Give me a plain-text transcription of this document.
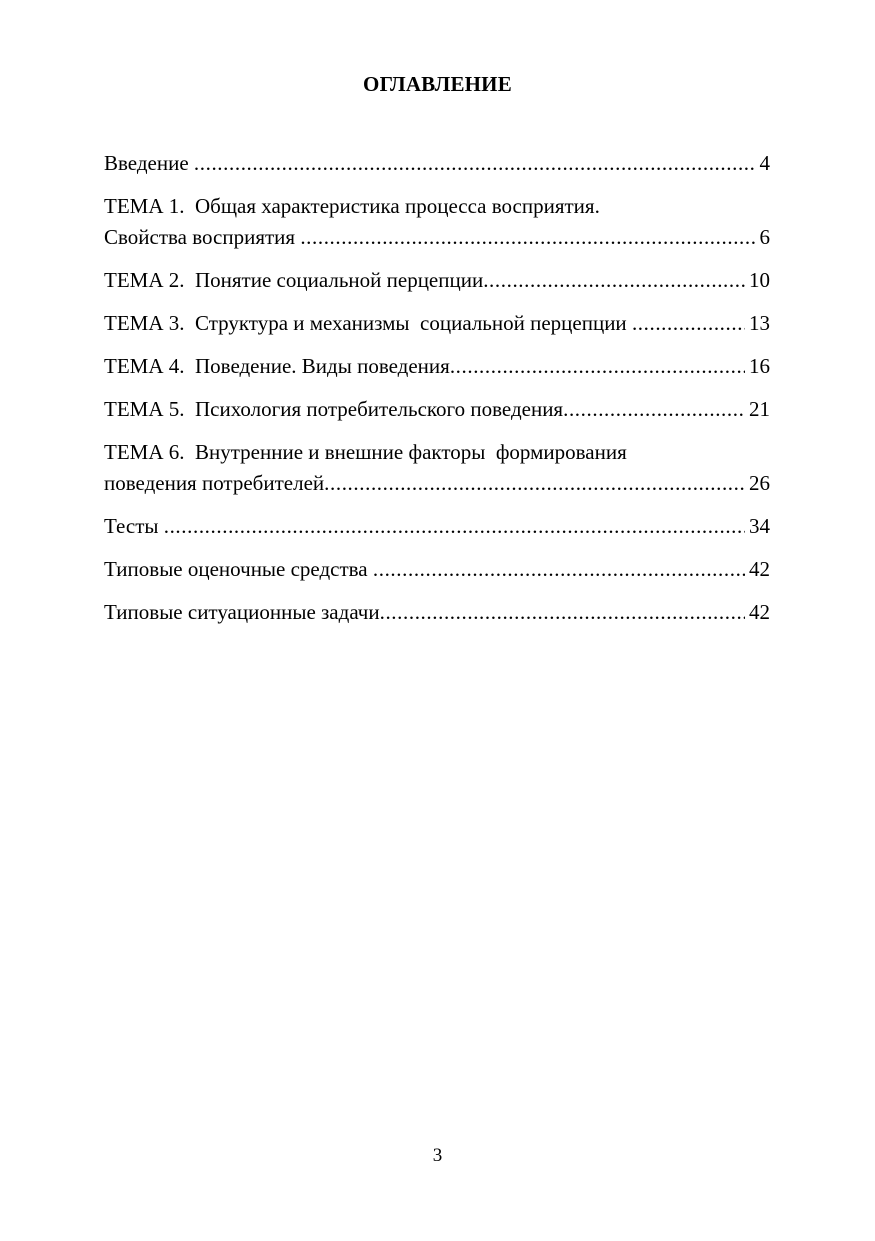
ОГЛАВЛЕНИЕ
Введение .....	4
ТЕМА 1.  Общая характеристика процесса восприятия.
Свойства восприятия .....	6
ТЕМА 2.  Понятие социальной перцепции .....	10
ТЕМА 3.  Структура и механизмы  социальной перцепции .....	13
ТЕМА 4.  Поведение. Виды поведения .....	16
ТЕМА 5.  Психология потребительского поведения .....	21
ТЕМА 6.  Внутренние и внешние факторы  формирования
поведения потребителей .....	26
Тесты .....	34
Типовые оценочные средства .....	42
Типовые ситуационные задачи .....	42
3
